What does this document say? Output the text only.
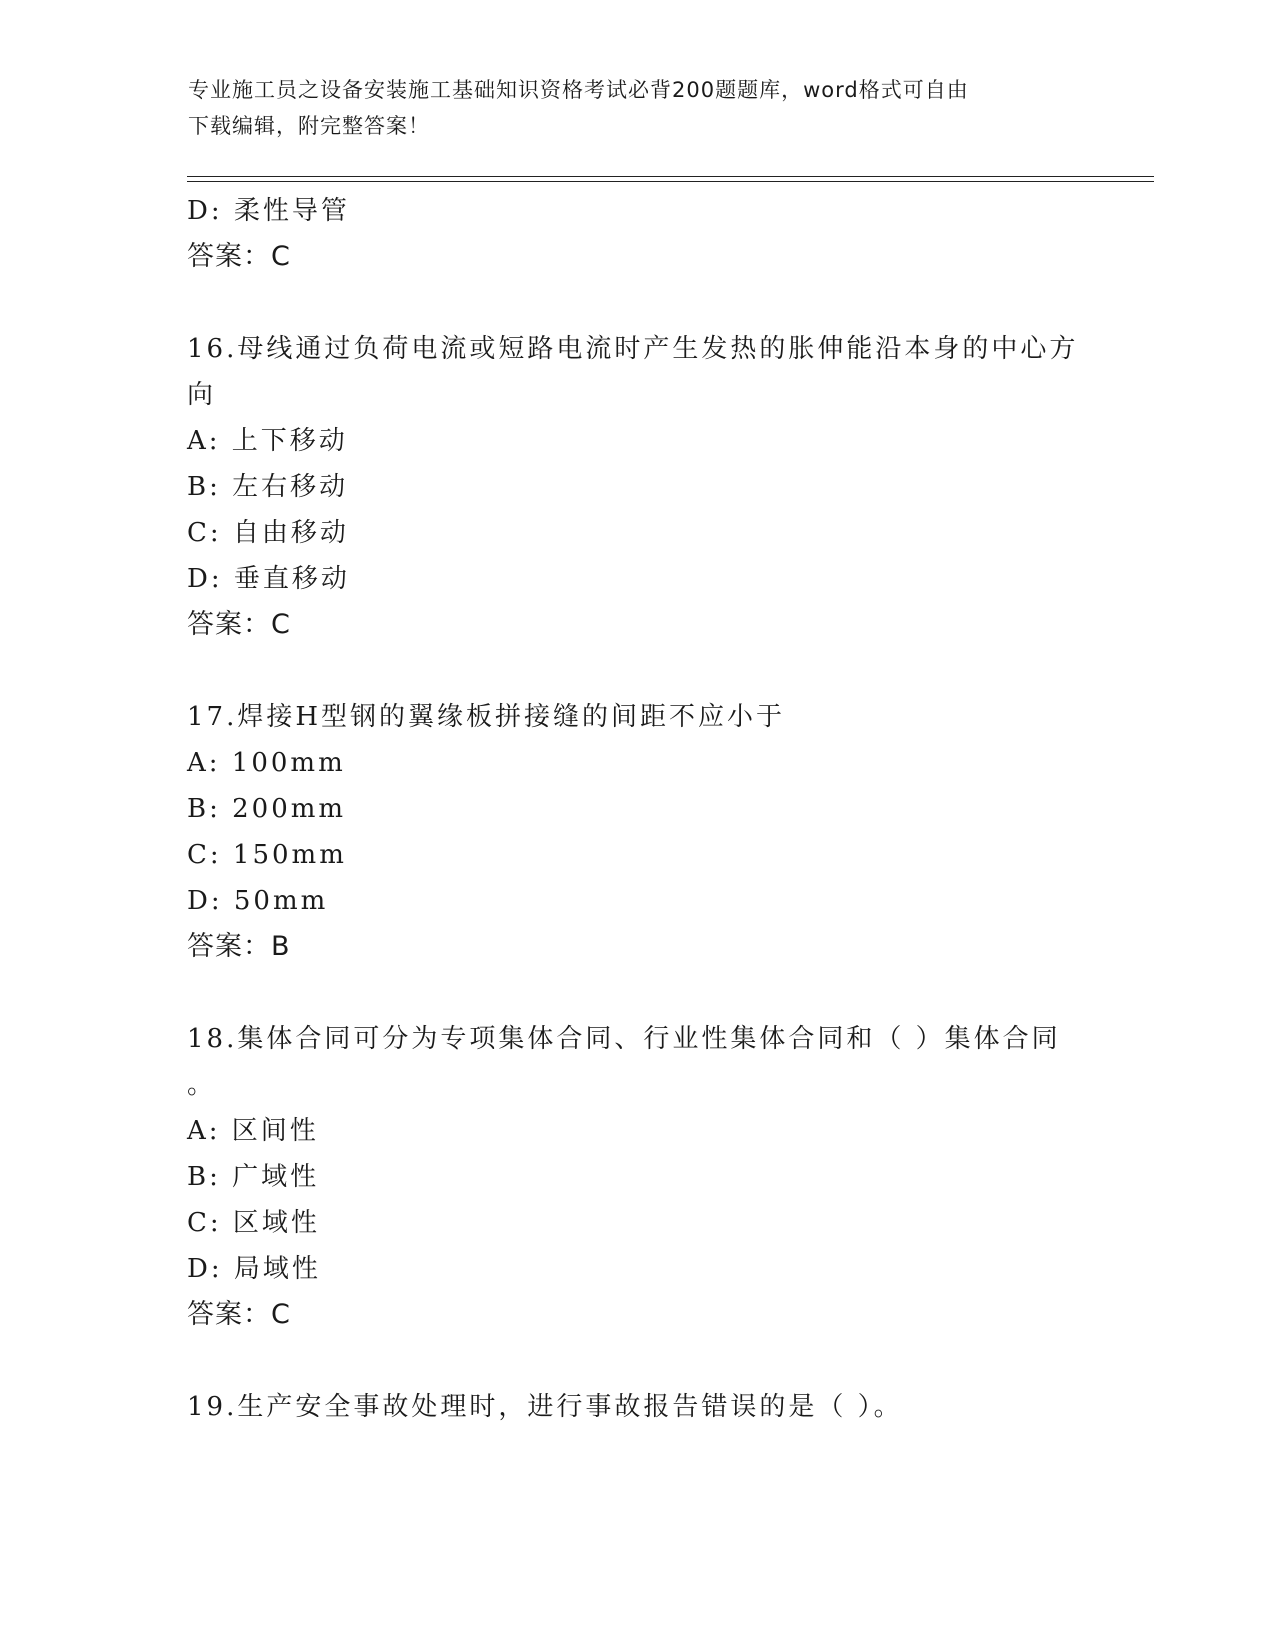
专业施工员之设备安装施工基础知识资格考试必背200题题库，word格式可自由
下载编辑，附完整答案！
D: 柔性导管
答案：C
16.母线通过负荷电流或短路电流时产生发热的胀伸能沿本身的中心方
向
A: 上下移动
B: 左右移动
C: 自由移动
D: 垂直移动
答案：C
17.焊接H型钢的翼缘板拼接缝的间距不应小于
A: 100mm
B: 200mm
C: 150mm
D: 50mm
答案：B
18.集体合同可分为专项集体合同、行业性集体合同和（ ）集体合同
。
A: 区间性
B: 广域性
C: 区域性
D: 局域性
答案：C
19.生产安全事故处理时，进行事故报告错误的是（ ）。
